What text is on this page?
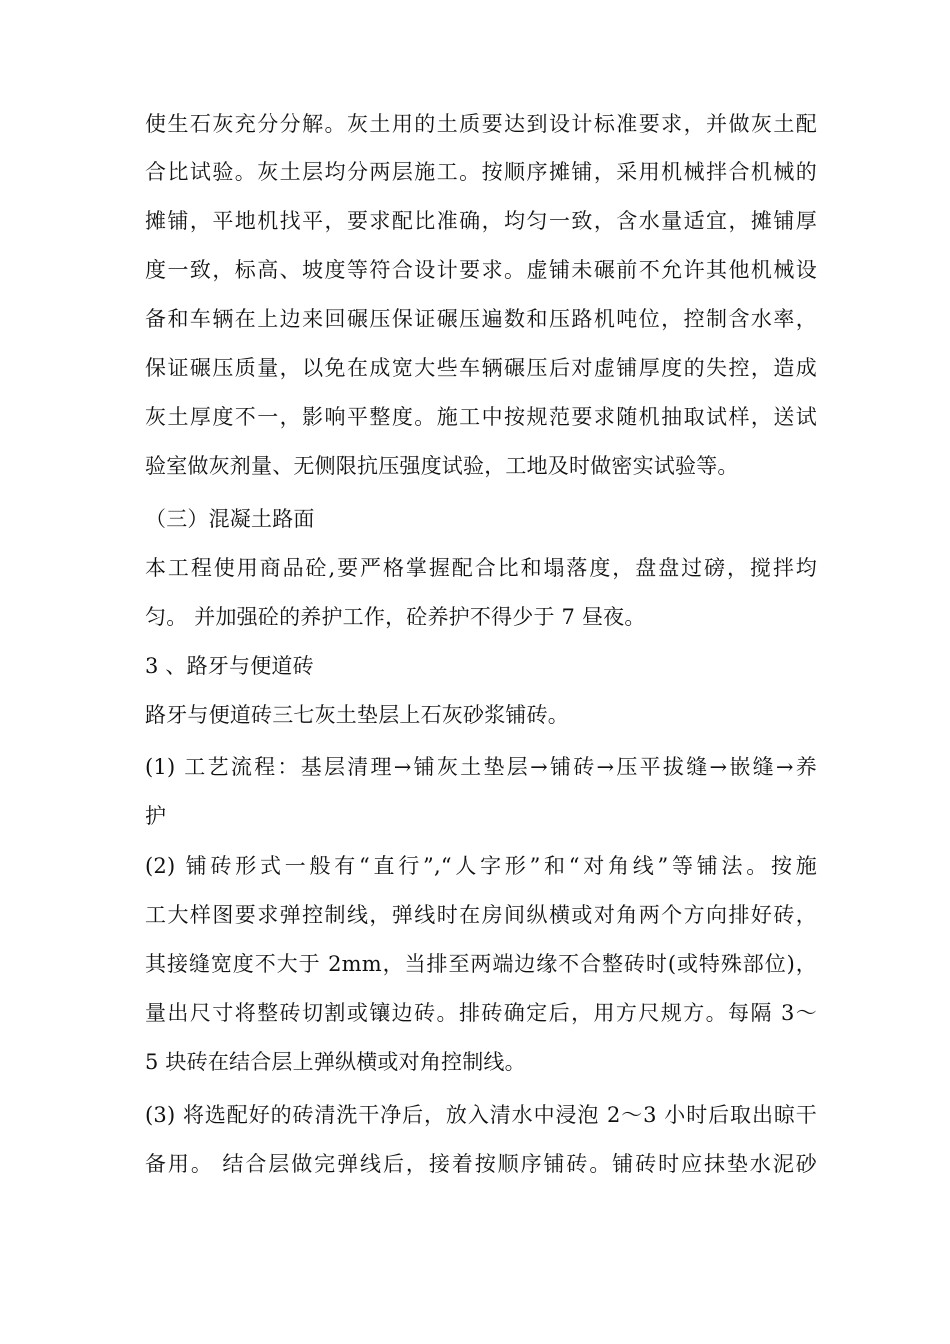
使生石灰充分分解。灰土用的土质要达到设计标准要求，并做灰土配
合比试验。灰土层均分两层施工。按顺序摊铺，采用机械拌合机械的
摊铺，平地机找平，要求配比准确，均匀一致，含水量适宜，摊铺厚
度一致，标高、坡度等符合设计要求。虚铺未碾前不允许其他机械设
备和车辆在上边来回碾压保证碾压遍数和压路机吨位，控制含水率，
保证碾压质量，以免在成宽大些车辆碾压后对虚铺厚度的失控，造成
灰土厚度不一，影响平整度。施工中按规范要求随机抽取试样，送试
验室做灰剂量、无侧限抗压强度试验，工地及时做密实试验等。
（三）混凝土路面
本工程使用商品砼,要严格掌握配合比和塌落度，盘盘过磅，搅拌均
匀。 并加强砼的养护工作，砼养护不得少于 7 昼夜。
3 、路牙与便道砖
路牙与便道砖三七灰土垫层上石灰砂浆铺砖。
(1) 工艺流程：基层清理→铺灰土垫层→铺砖→压平拔缝→嵌缝→养
护
(2) 铺砖形式一般有“直行”,“人字形”和“对角线”等铺法。按施
工大样图要求弹控制线，弹线时在房间纵横或对角两个方向排好砖，
其接缝宽度不大于 2mm，当排至两端边缘不合整砖时(或特殊部位)，
量出尺寸将整砖切割或镶边砖。排砖确定后，用方尺规方。每隔 3～
5 块砖在结合层上弹纵横或对角控制线。
(3) 将选配好的砖清洗干净后，放入清水中浸泡 2～3 小时后取出晾干
备用。 结合层做完弹线后，接着按顺序铺砖。铺砖时应抹垫水泥砂
